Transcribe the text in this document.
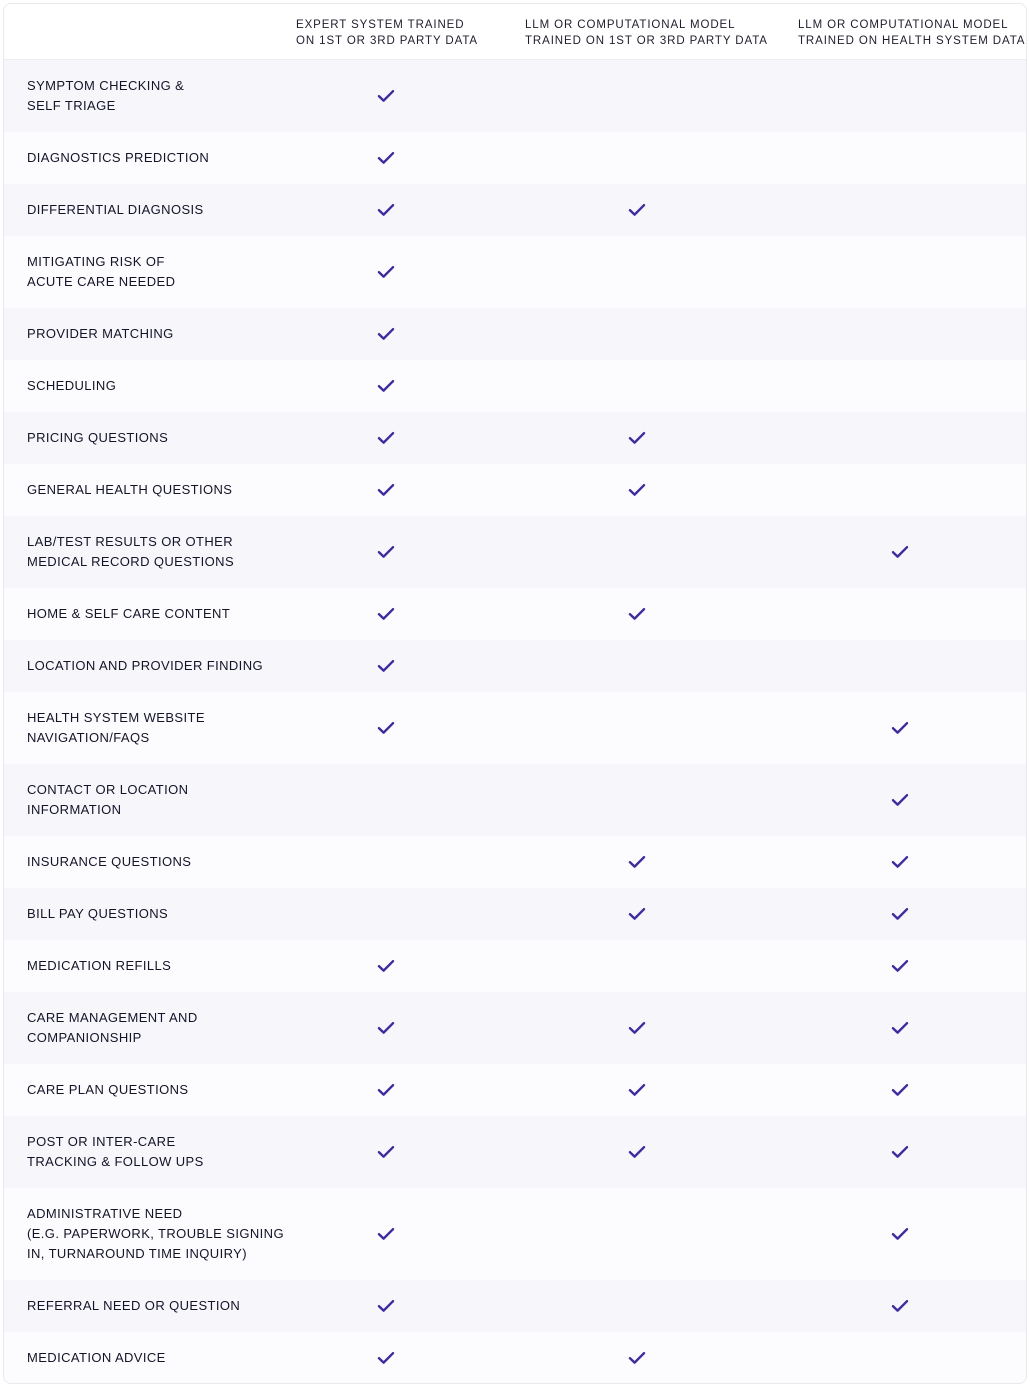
EXPERT SYSTEM TRAINED
ON 1ST OR 3RD PARTY DATA
LLM OR COMPUTATIONAL MODEL
TRAINED ON 1ST OR 3RD PARTY DATA
LLM OR COMPUTATIONAL MODEL
TRAINED ON HEALTH SYSTEM DATA
SYMPTOM CHECKING &
SELF TRIAGE
DIAGNOSTICS PREDICTION
DIFFERENTIAL DIAGNOSIS
MITIGATING RISK OF
ACUTE CARE NEEDED
PROVIDER MATCHING
SCHEDULING
PRICING QUESTIONS
GENERAL HEALTH QUESTIONS
LAB/TEST RESULTS OR OTHER
MEDICAL RECORD QUESTIONS
HOME & SELF CARE CONTENT
LOCATION AND PROVIDER FINDING
HEALTH SYSTEM WEBSITE
NAVIGATION/FAQS
CONTACT OR LOCATION
INFORMATION
INSURANCE QUESTIONS
BILL PAY QUESTIONS
MEDICATION REFILLS
CARE MANAGEMENT AND
COMPANIONSHIP
CARE PLAN QUESTIONS
POST OR INTER-CARE
TRACKING & FOLLOW UPS
ADMINISTRATIVE NEED
(E.G. PAPERWORK, TROUBLE SIGNING
IN, TURNAROUND TIME INQUIRY)
REFERRAL NEED OR QUESTION
MEDICATION ADVICE
